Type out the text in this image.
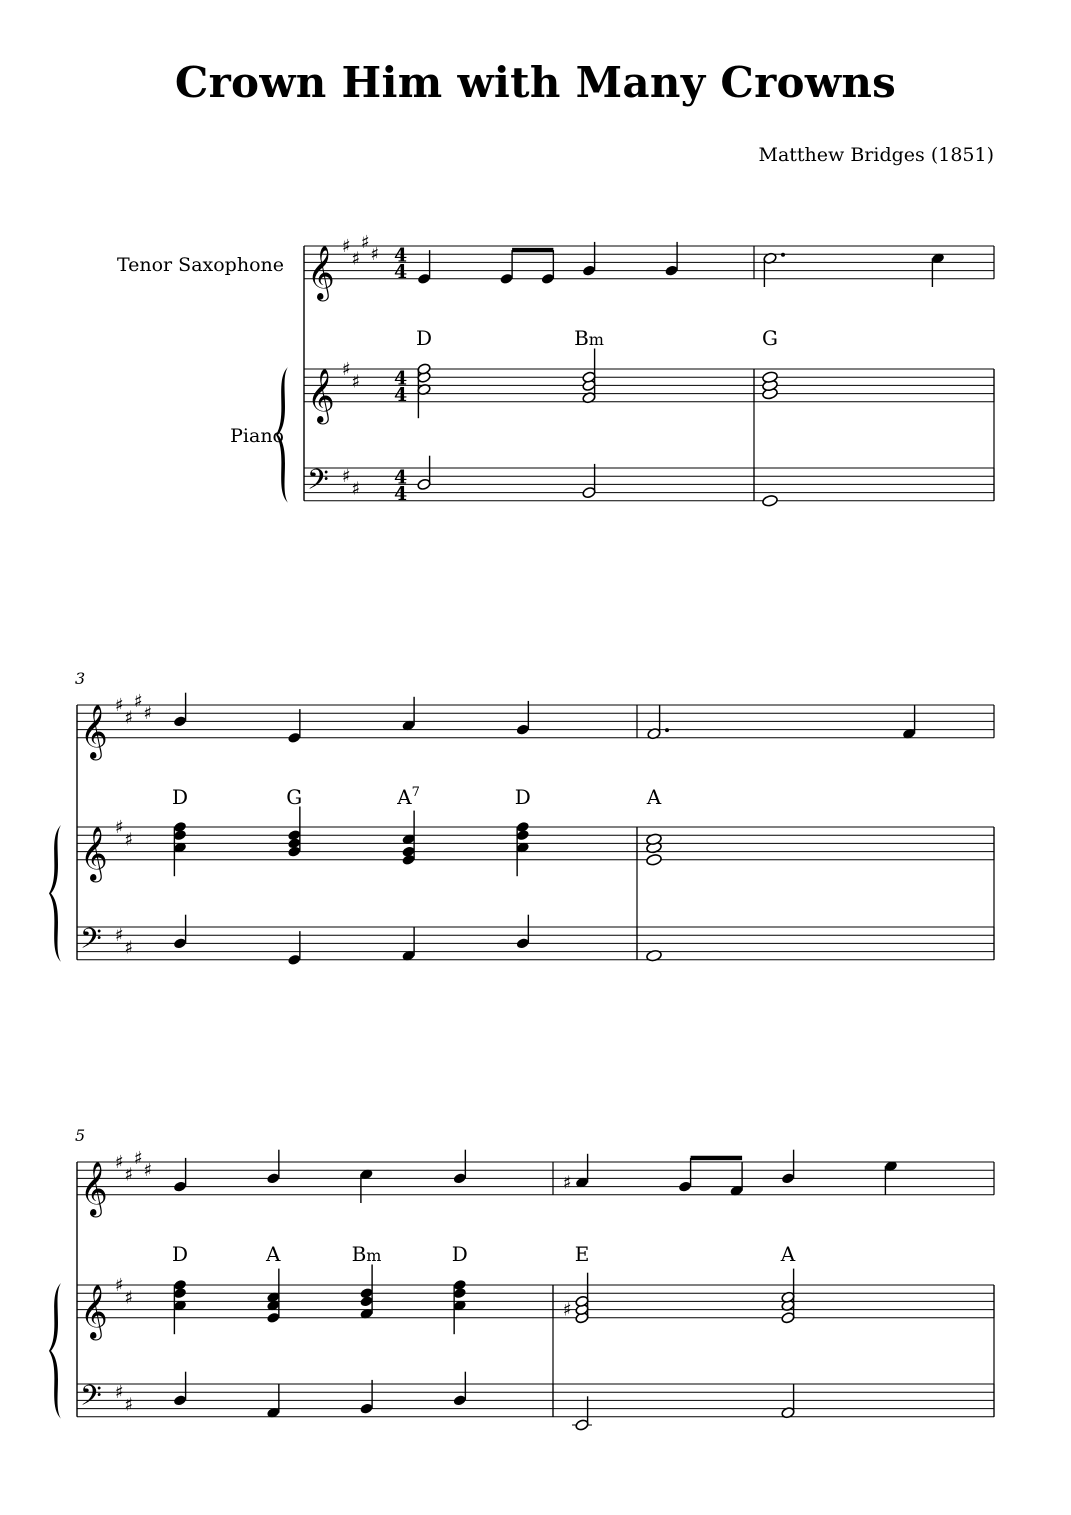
Crown Him with Many Crowns
Matthew Bridges (1851)
𝄞 ♯
♯
♯
♯ 4
4
𝄞 ♯
♯ 4
4
𝄢 ♯
♯
4
4
Tenor Saxophone
Piano
D	Bm	G
𝄞 ♯
♯
♯
♯
𝄞 ♯
♯
𝄢 ♯
♯
3
D	G	$A^7$	D	A
𝄞 ♯
♯
♯
♯
𝄞 ♯
♯
𝄢 ♯
♯
5
D	A	Bm	D
♯
E	A
♯
